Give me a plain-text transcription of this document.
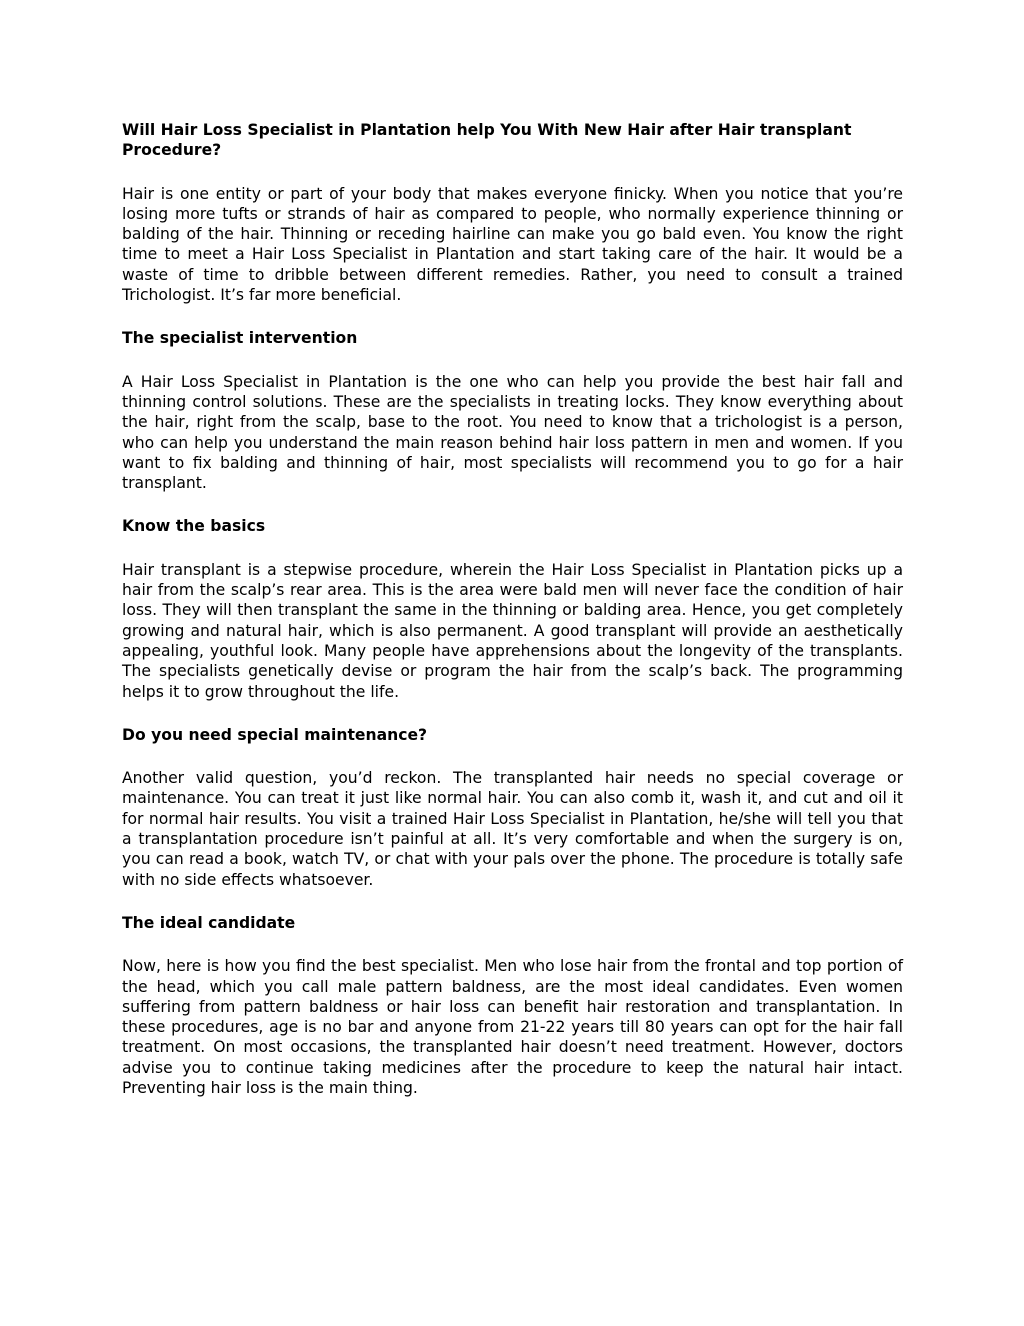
Will Hair Loss Specialist in Plantation help You With New Hair after Hair transplant Procedure?
Hair is one entity or part of your body that makes everyone finicky. When you notice that you’re losing more tufts or strands of hair as compared to people, who normally experience thinning or balding of the hair. Thinning or receding hairline can make you go bald even. You know the right time to meet a Hair Loss Specialist in Plantation and start taking care of the hair. It would be a waste of time to dribble between different remedies. Rather, you need to consult a trained Trichologist. It’s far more beneficial.
The specialist intervention
A Hair Loss Specialist in Plantation is the one who can help you provide the best hair fall and thinning control solutions. These are the specialists in treating locks. They know everything about the hair, right from the scalp, base to the root. You need to know that a trichologist is a person, who can help you understand the main reason behind hair loss pattern in men and women. If you want to fix balding and thinning of hair, most specialists will recommend you to go for a hair transplant.
Know the basics
Hair transplant is a stepwise procedure, wherein the Hair Loss Specialist in Plantation picks up a hair from the scalp’s rear area. This is the area were bald men will never face the condition of hair loss. They will then transplant the same in the thinning or balding area. Hence, you get completely growing and natural hair, which is also permanent. A good transplant will provide an aesthetically appealing, youthful look. Many people have apprehensions about the longevity of the transplants. The specialists genetically devise or program the hair from the scalp’s back. The programming helps it to grow throughout the life.
Do you need special maintenance?
Another valid question, you’d reckon. The transplanted hair needs no special coverage or maintenance. You can treat it just like normal hair. You can also comb it, wash it, and cut and oil it for normal hair results. You visit a trained Hair Loss Specialist in Plantation, he/she will tell you that a transplantation procedure isn’t painful at all. It’s very comfortable and when the surgery is on, you can read a book, watch TV, or chat with your pals over the phone. The procedure is totally safe with no side effects whatsoever.
The ideal candidate
Now, here is how you find the best specialist. Men who lose hair from the frontal and top portion of the head, which you call male pattern baldness, are the most ideal candidates. Even women suffering from pattern baldness or hair loss can benefit hair restoration and transplantation. In these procedures, age is no bar and anyone from 21-22 years till 80 years can opt for the hair fall treatment. On most occasions, the transplanted hair doesn’t need treatment. However, doctors advise you to continue taking medicines after the procedure to keep the natural hair intact. Preventing hair loss is the main thing.
